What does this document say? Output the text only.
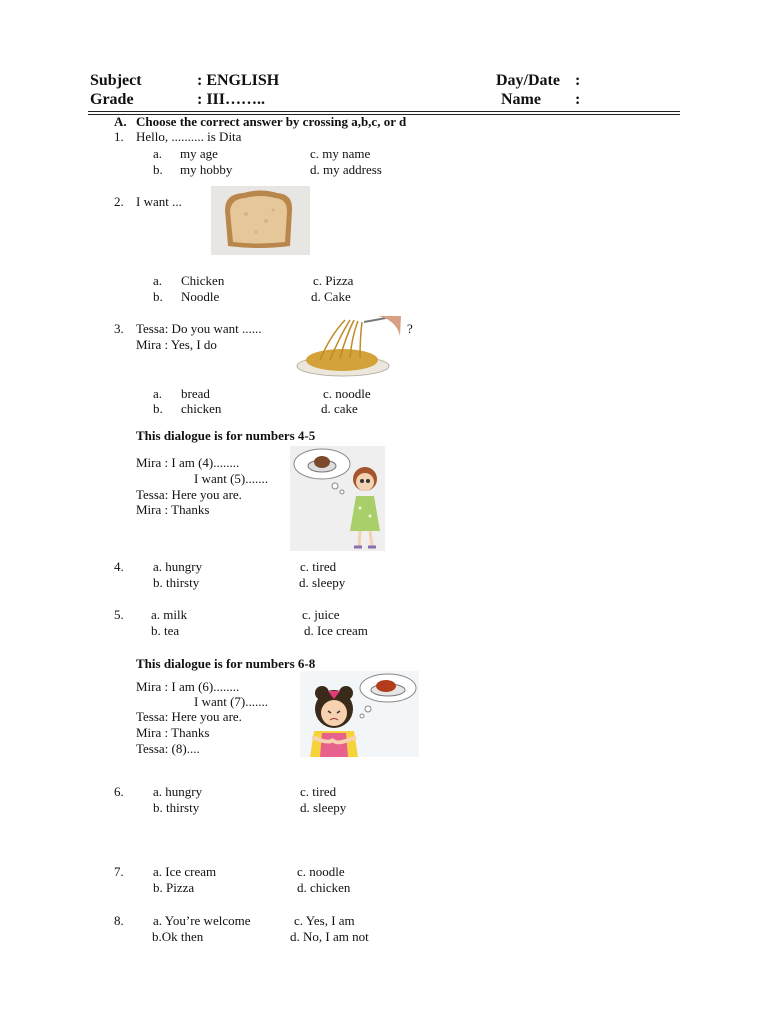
Subject	: ENGLISH	Day/Date :
Grade	: III……..	Name :
A. Choose the correct answer by crossing a,b,c, or d
1. Hello, .......... is Dita
a. my age
b. my hobby
c. my name
d. my address
2. I want ...
a. Chicken
b. Noodle
c. Pizza
d. Cake
3. Tessa: Do you want ......	?
Mira : Yes, I do
a. bread
b. chicken
c. noodle
d. cake
This dialogue is for numbers 4-5
Mira : I am (4)........
I want (5).......
Tessa: Here you are.
Mira : Thanks
4. a. hungry
b. thirsty
c. tired
d. sleepy
5. a. milk
b. tea
c. juice
d. Ice cream
This dialogue is for numbers 6-8
Mira : I am (6)........
I want (7).......
Tessa: Here you are.
Mira : Thanks
Tessa: (8)....
6. a. hungry
b. thirsty
c. tired
d. sleepy
7. a. Ice cream
b. Pizza
c. noodle
d. chicken
8. a. You’re welcome
b.Ok then
c. Yes, I am
d. No, I am not
